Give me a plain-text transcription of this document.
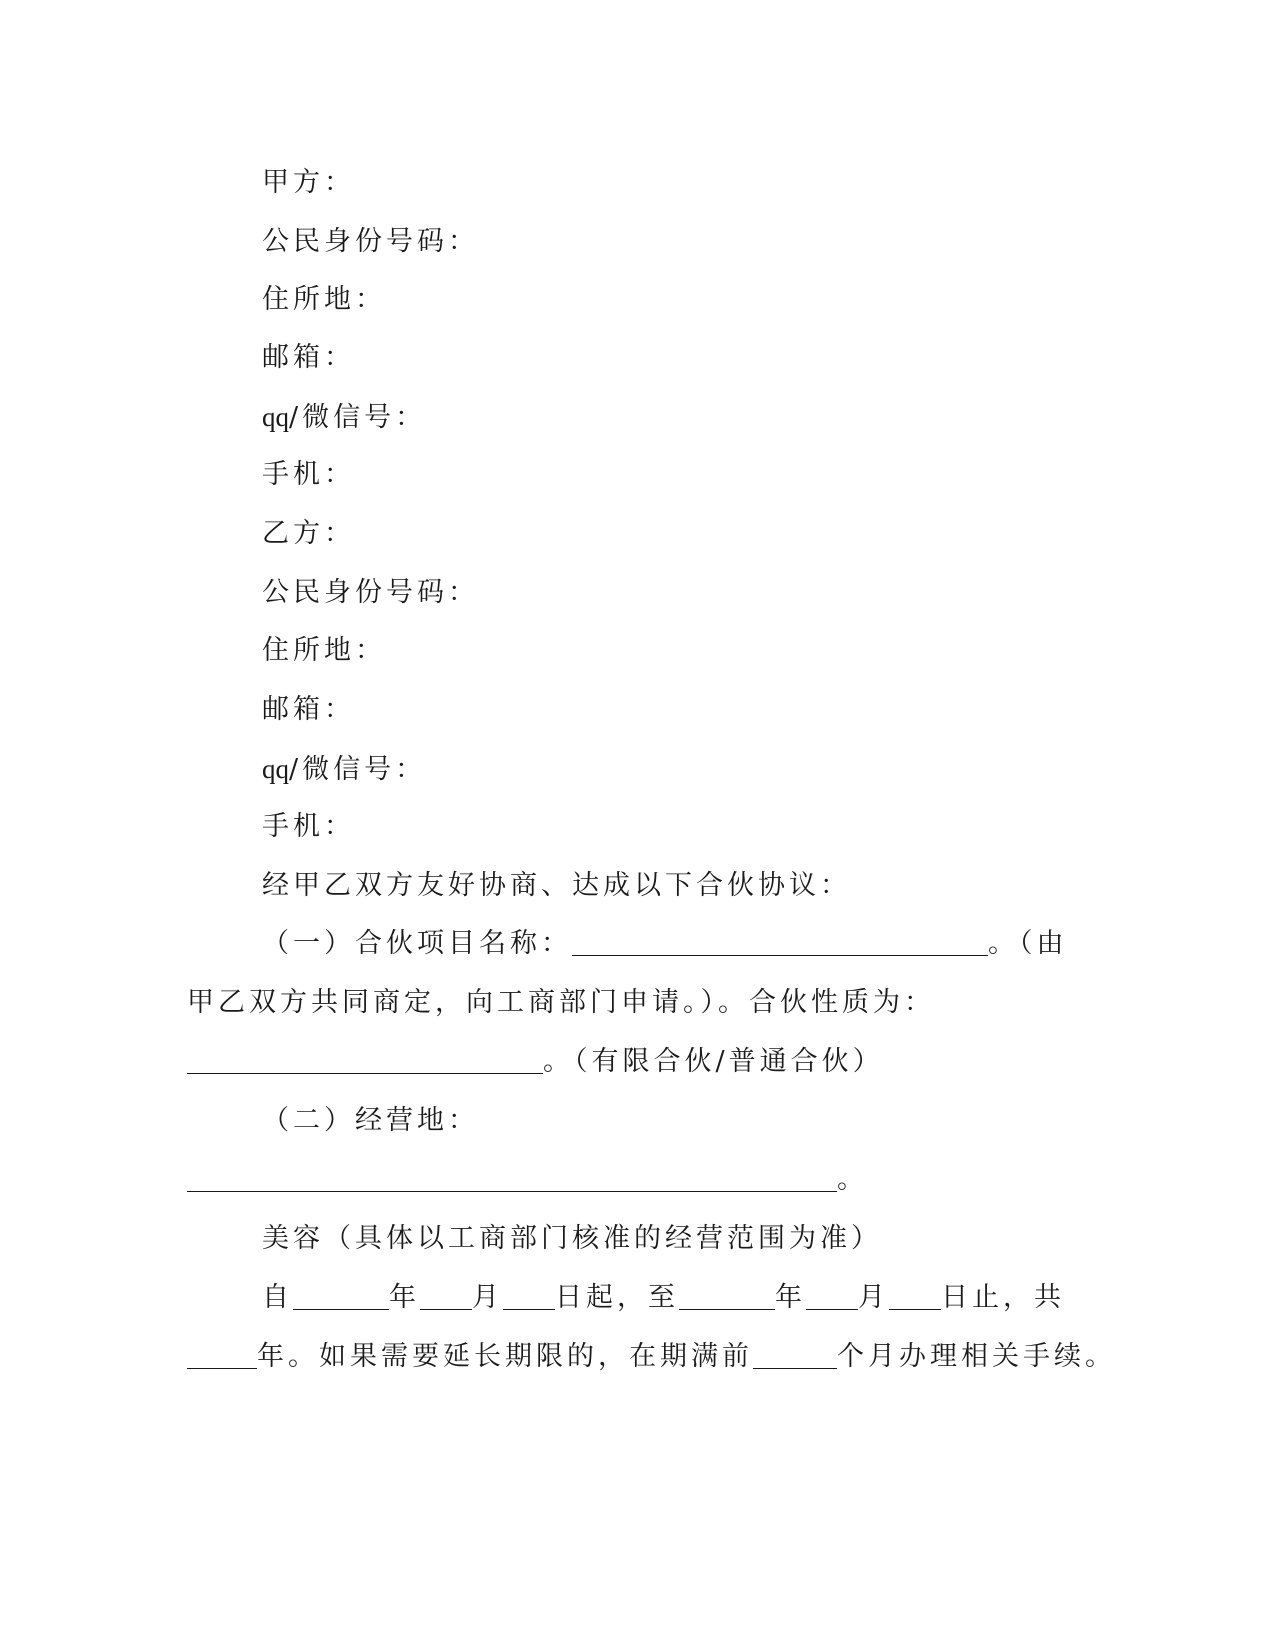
甲方：
公民身份号码：
住所地：
邮箱：
qq/微信号：
手机：
乙方：
公民身份号码：
住所地：
邮箱：
qq/微信号：
手机：
经甲乙双方友好协商、达成以下合伙协议：
（一）合伙项目名称：	。（由
甲乙双方共同商定，向工商部门申请。）。合伙性质为：
。（有限合伙/普通合伙）
（二）经营地：
。
美容（具体以工商部门核准的经营范围为准）
自	年 月 日起，至	年 月 日止，共
年。如果需要延长期限的，在期满前	个月办理相关手续。
